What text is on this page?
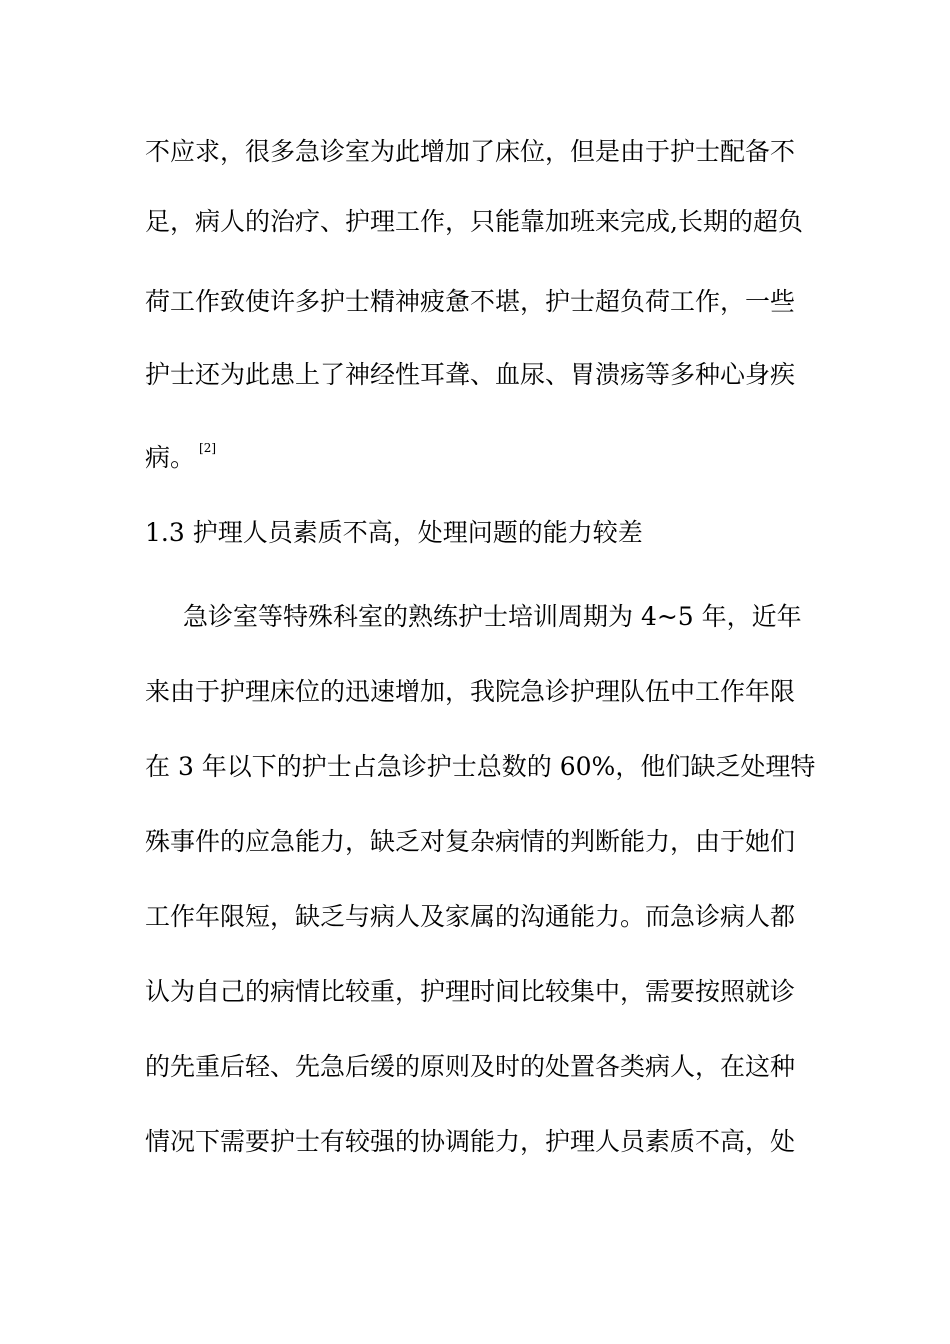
不应求，很多急诊室为此增加了床位，但是由于护士配备不
足，病人的治疗、护理工作，只能靠加班来完成,长期的超负
荷工作致使许多护士精神疲惫不堪，护士超负荷工作，一些
护士还为此患上了神经性耳聋、血尿、胃溃疡等多种心身疾
病。 [2]
1.3 护理人员素质不高，处理问题的能力较差
急诊室等特殊科室的熟练护士培训周期为 4~5 年，近年
来由于护理床位的迅速增加，我院急诊护理队伍中工作年限
在 3 年以下的护士占急诊护士总数的 60%，他们缺乏处理特
殊事件的应急能力，缺乏对复杂病情的判断能力，由于她们
工作年限短，缺乏与病人及家属的沟通能力。而急诊病人都
认为自己的病情比较重，护理时间比较集中，需要按照就诊
的先重后轻、先急后缓的原则及时的处置各类病人，在这种
情况下需要护士有较强的协调能力，护理人员素质不高，处
